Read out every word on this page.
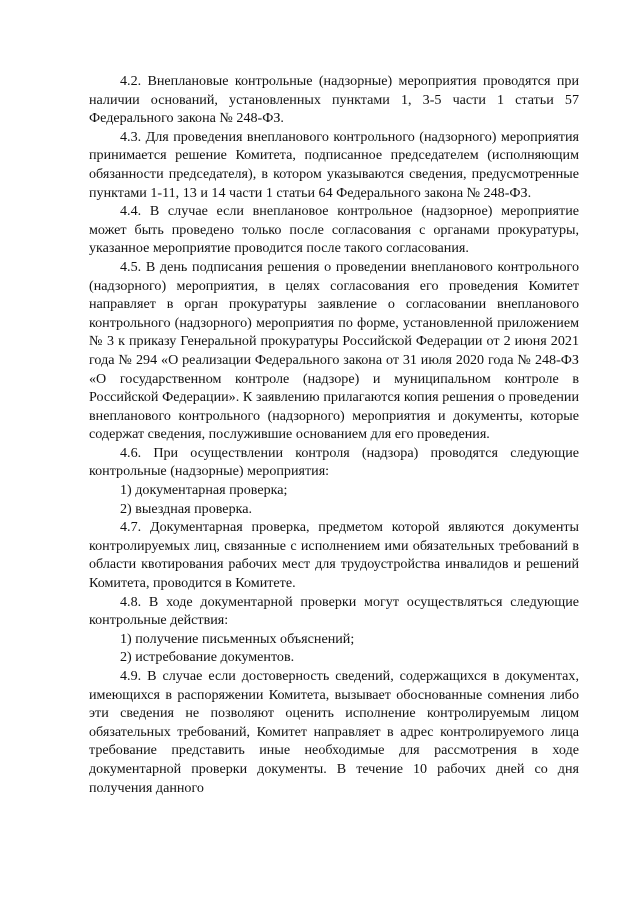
4.2. Внеплановые контрольные (надзорные) мероприятия проводятся при наличии оснований, установленных пунктами 1, 3-5 части 1 статьи 57 Федерального закона № 248-ФЗ.

4.3. Для проведения внепланового контрольного (надзорного) мероприятия принимается решение Комитета, подписанное председателем (исполняющим обязанности председателя), в котором указываются сведения, предусмотренные пунктами 1-11, 13 и 14 части 1 статьи 64 Федерального закона № 248-ФЗ.

4.4. В случае если внеплановое контрольное (надзорное) мероприятие может быть проведено только после согласования с органами прокуратуры, указанное мероприятие проводится после такого согласования.

4.5. В день подписания решения о проведении внепланового контрольного (надзорного) мероприятия, в целях согласования его проведения Комитет направляет в орган прокуратуры заявление о согласовании внепланового контрольного (надзорного) мероприятия по форме, установленной приложением № 3 к приказу Генеральной прокуратуры Российской Федерации от 2 июня 2021 года № 294 «О реализации Федерального закона от 31 июля 2020 года № 248-ФЗ «О государственном контроле (надзоре) и муниципальном контроле в Российской Федерации». К заявлению прилагаются копия решения о проведении внепланового контрольного (надзорного) мероприятия и документы, которые содержат сведения, послужившие основанием для его проведения.

4.6. При осуществлении контроля (надзора) проводятся следующие контрольные (надзорные) мероприятия:

1) документарная проверка;

2) выездная проверка.

4.7. Документарная проверка, предметом которой являются документы контролируемых лиц, связанные с исполнением ими обязательных требований в области квотирования рабочих мест для трудоустройства инвалидов и решений Комитета, проводится в Комитете.

4.8. В ходе документарной проверки могут осуществляться следующие контрольные действия:

1) получение письменных объяснений;

2) истребование документов.

4.9. В случае если достоверность сведений, содержащихся в документах, имеющихся в распоряжении Комитета, вызывает обоснованные сомнения либо эти сведения не позволяют оценить исполнение контролируемым лицом обязательных требований, Комитет направляет в адрес контролируемого лица требование представить иные необходимые для рассмотрения в ходе документарной проверки документы. В течение 10 рабочих дней со дня получения данного
